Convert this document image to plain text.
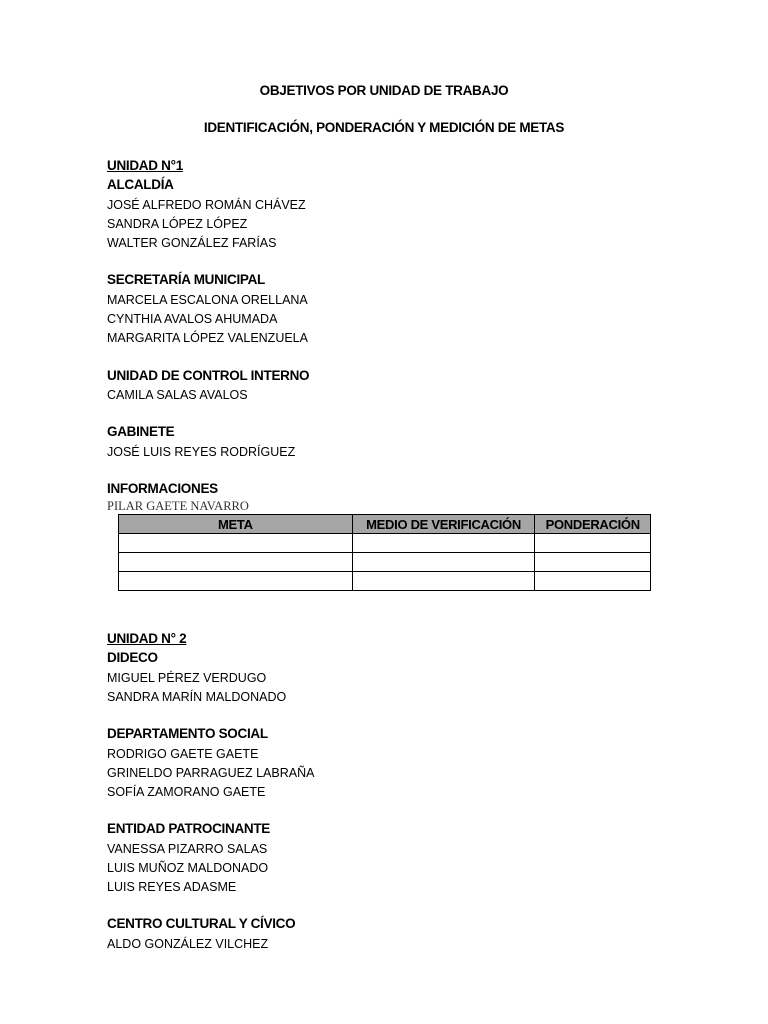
OBJETIVOS POR UNIDAD DE TRABAJO
IDENTIFICACIÓN, PONDERACIÓN Y MEDICIÓN DE METAS
UNIDAD N°1
ALCALDÍA
JOSÉ ALFREDO ROMÁN CHÁVEZ
SANDRA LÓPEZ LÓPEZ
WALTER GONZÁLEZ FARÍAS
SECRETARÍA MUNICIPAL
MARCELA ESCALONA ORELLANA
CYNTHIA AVALOS AHUMADA
MARGARITA LÓPEZ VALENZUELA
UNIDAD DE CONTROL INTERNO
CAMILA SALAS AVALOS
GABINETE
JOSÉ LUIS REYES RODRÍGUEZ
INFORMACIONES
PILAR GAETE NAVARRO
META	MEDIO DE VERIFICACIÓN	PONDERACIÓN

UNIDAD N° 2
DIDECO
MIGUEL PÉREZ VERDUGO
SANDRA MARÍN MALDONADO
DEPARTAMENTO SOCIAL
RODRIGO GAETE GAETE
GRINELDO PARRAGUEZ LABRAÑA
SOFÍA ZAMORANO GAETE
ENTIDAD PATROCINANTE
VANESSA PIZARRO SALAS
LUIS MUÑOZ MALDONADO
LUIS REYES ADASME
CENTRO CULTURAL Y CÍVICO
ALDO GONZÁLEZ VILCHEZ
